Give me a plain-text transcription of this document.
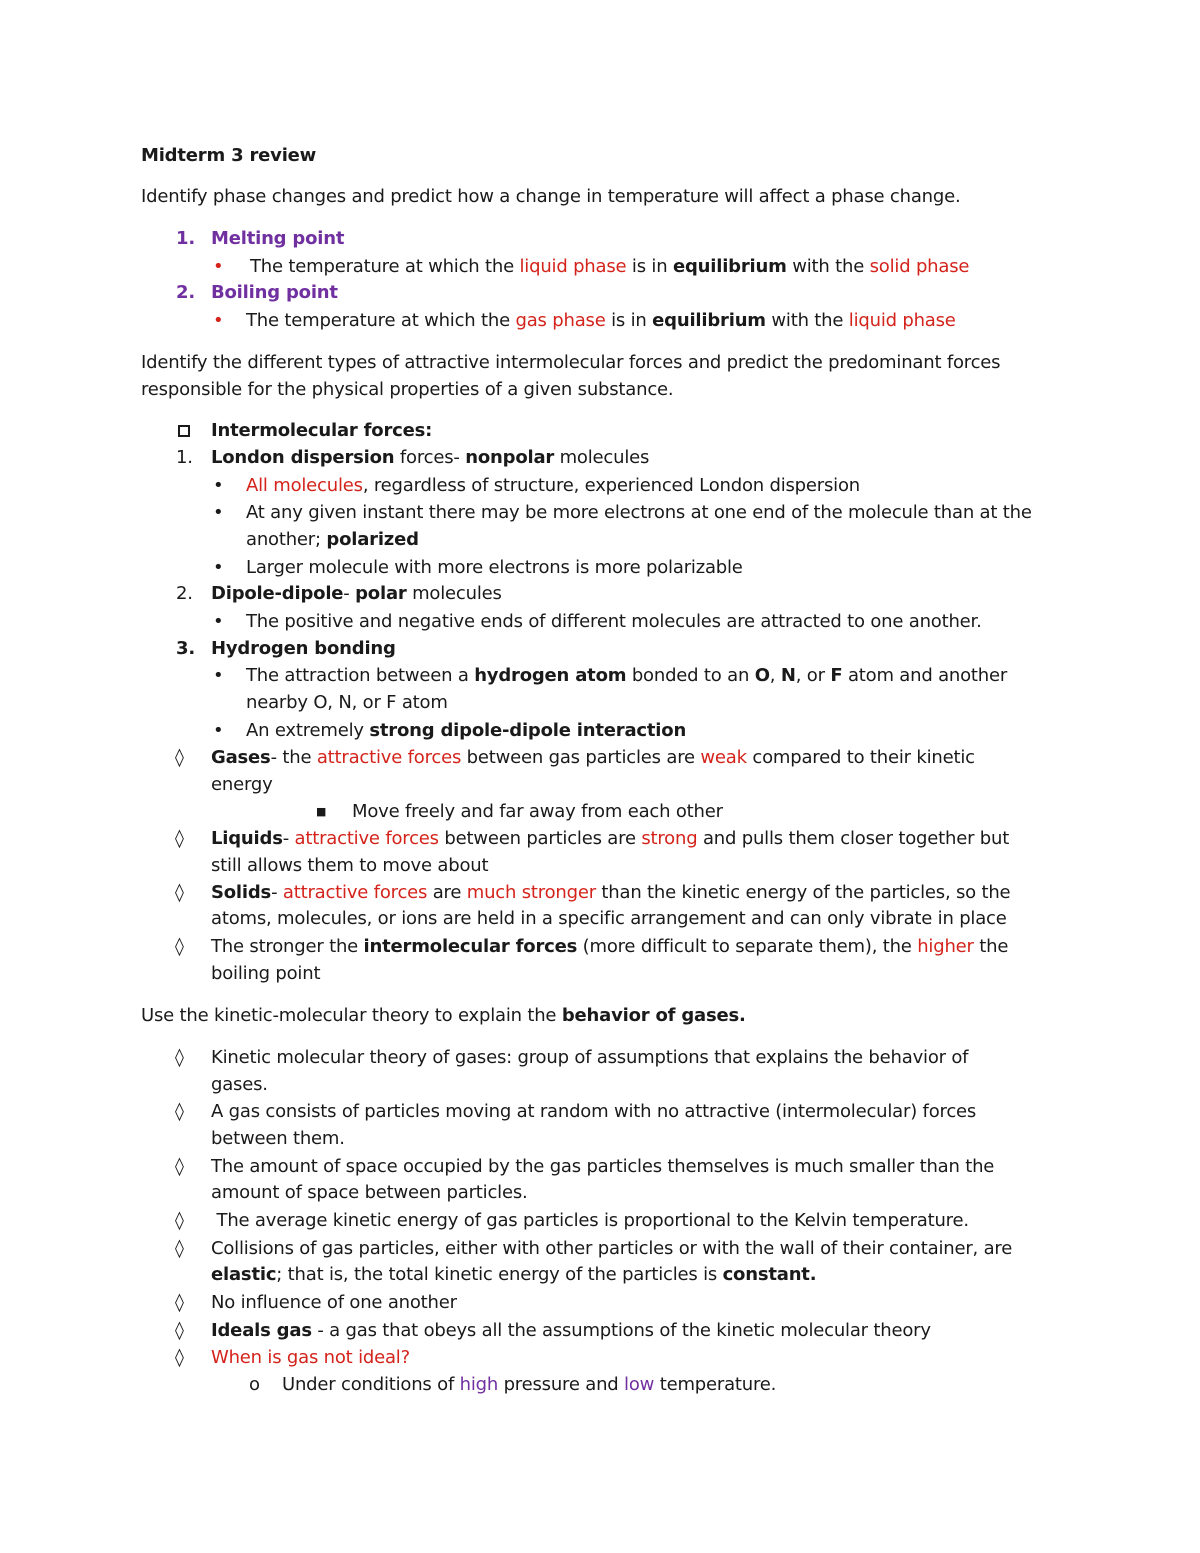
Midterm 3 review
Identify phase changes and predict how a change in temperature will affect a phase change.
1. Melting point
• The temperature at which the liquid phase is in equilibrium with the solid phase
2. Boiling point
• The temperature at which the gas phase is in equilibrium with the liquid phase
Identify the different types of attractive intermolecular forces and predict the predominant forces
responsible for the physical properties of a given substance.
Intermolecular forces:
1. London dispersion forces- nonpolar molecules
• All molecules, regardless of structure, experienced London dispersion
• At any given instant there may be more electrons at one end of the molecule than at the
another; polarized
• Larger molecule with more electrons is more polarizable
2. Dipole-dipole- polar molecules
• The positive and negative ends of different molecules are attracted to one another.
3. Hydrogen bonding
• The attraction between a hydrogen atom bonded to an O, N, or F atom and another
nearby O, N, or F atom
• An extremely strong dipole-dipole interaction
◊ Gases- the attractive forces between gas particles are weak compared to their kinetic
energy
■ Move freely and far away from each other
◊ Liquids- attractive forces between particles are strong and pulls them closer together but
still allows them to move about
◊ Solids- attractive forces are much stronger than the kinetic energy of the particles, so the
atoms, molecules, or ions are held in a specific arrangement and can only vibrate in place
◊ The stronger the intermolecular forces (more difficult to separate them), the higher the
boiling point
Use the kinetic-molecular theory to explain the behavior of gases.
◊ Kinetic molecular theory of gases: group of assumptions that explains the behavior of
gases.
◊ A gas consists of particles moving at random with no attractive (intermolecular) forces
between them.
◊ The amount of space occupied by the gas particles themselves is much smaller than the
amount of space between particles.
◊ The average kinetic energy of gas particles is proportional to the Kelvin temperature.
◊ Collisions of gas particles, either with other particles or with the wall of their container, are
elastic; that is, the total kinetic energy of the particles is constant.
◊ No influence of one another
◊ Ideals gas - a gas that obeys all the assumptions of the kinetic molecular theory
◊ When is gas not ideal?
o Under conditions of high pressure and low temperature.
